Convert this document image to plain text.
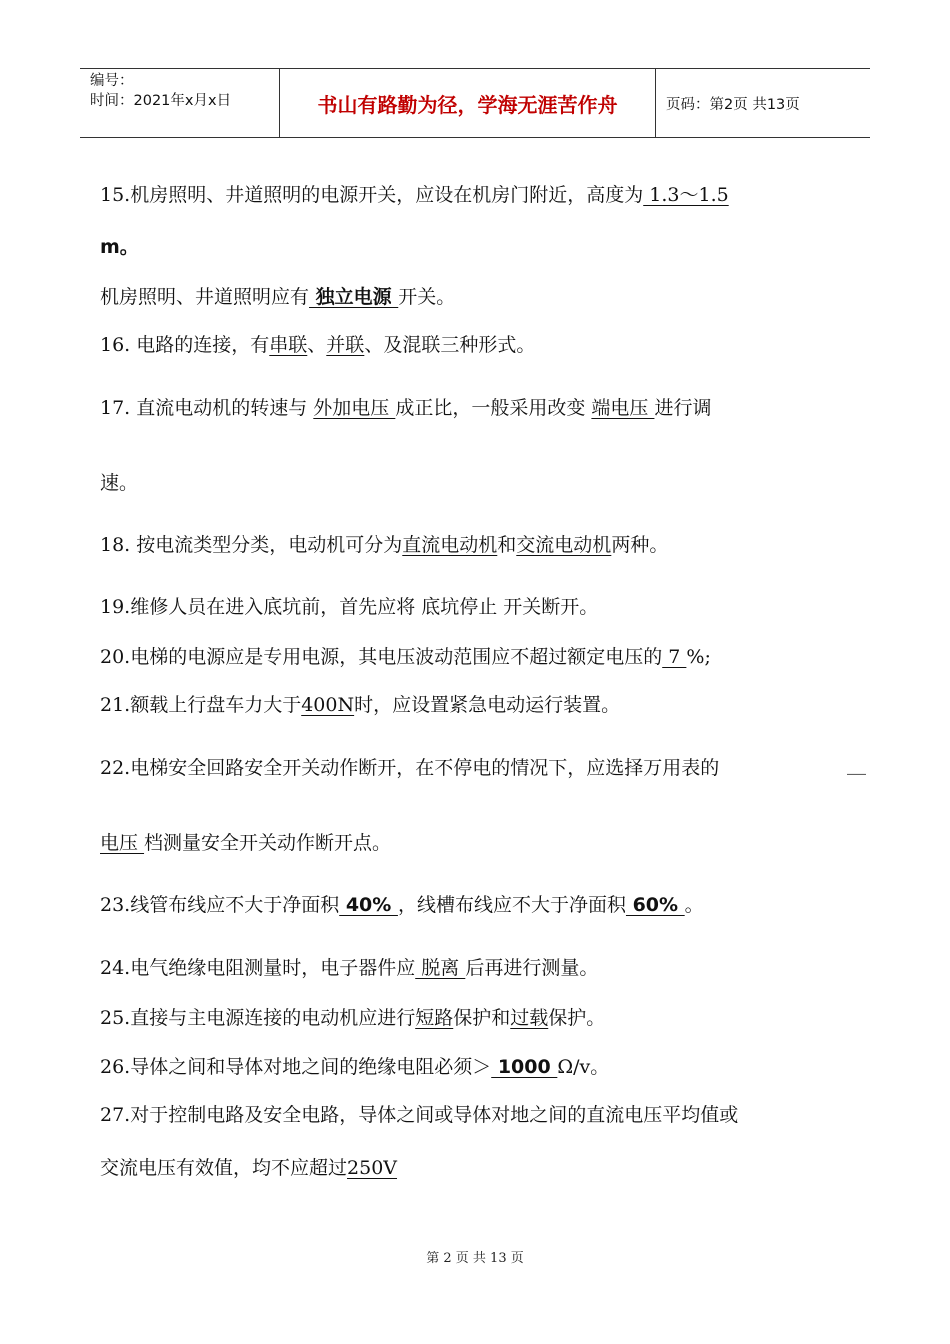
编号：
时间：2021年x月x日	书山有路勤为径，学海无涯苦作舟	页码：第2页 共13页
15.机房照明、井道照明的电源开关，应设在机房门附近，高度为 1.3～1.5
m。
机房照明、井道照明应有 独立电源 开关。
16. 电路的连接，有串联、并联、及混联三种形式。
17. 直流电动机的转速与 外加电压 成正比，一般采用改变 端电压 进行调
速。
18. 按电流类型分类，电动机可分为直流电动机和交流电动机两种。
19.维修人员在进入底坑前，首先应将 底坑停止 开关断开。
20.电梯的电源应是专用电源，其电压波动范围应不超过额定电压的 7 %;
21.额载上行盘车力大于400N时，应设置紧急电动运行装置。
22.电梯安全回路安全开关动作断开，在不停电的情况下，应选择万用表的	__
电压 档测量安全开关动作断开点。
23.线管布线应不大于净面积 40% ，线槽布线应不大于净面积 60% 。
24.电气绝缘电阻测量时，电子器件应 脱离 后再进行测量。
25.直接与主电源连接的电动机应进行短路保护和过载保护。
26.导体之间和导体对地之间的绝缘电阻必须＞ 1000 Ω/v。
27.对于控制电路及安全电路，导体之间或导体对地之间的直流电压平均值或
交流电压有效值，均不应超过250V
第 2 页 共 13 页
